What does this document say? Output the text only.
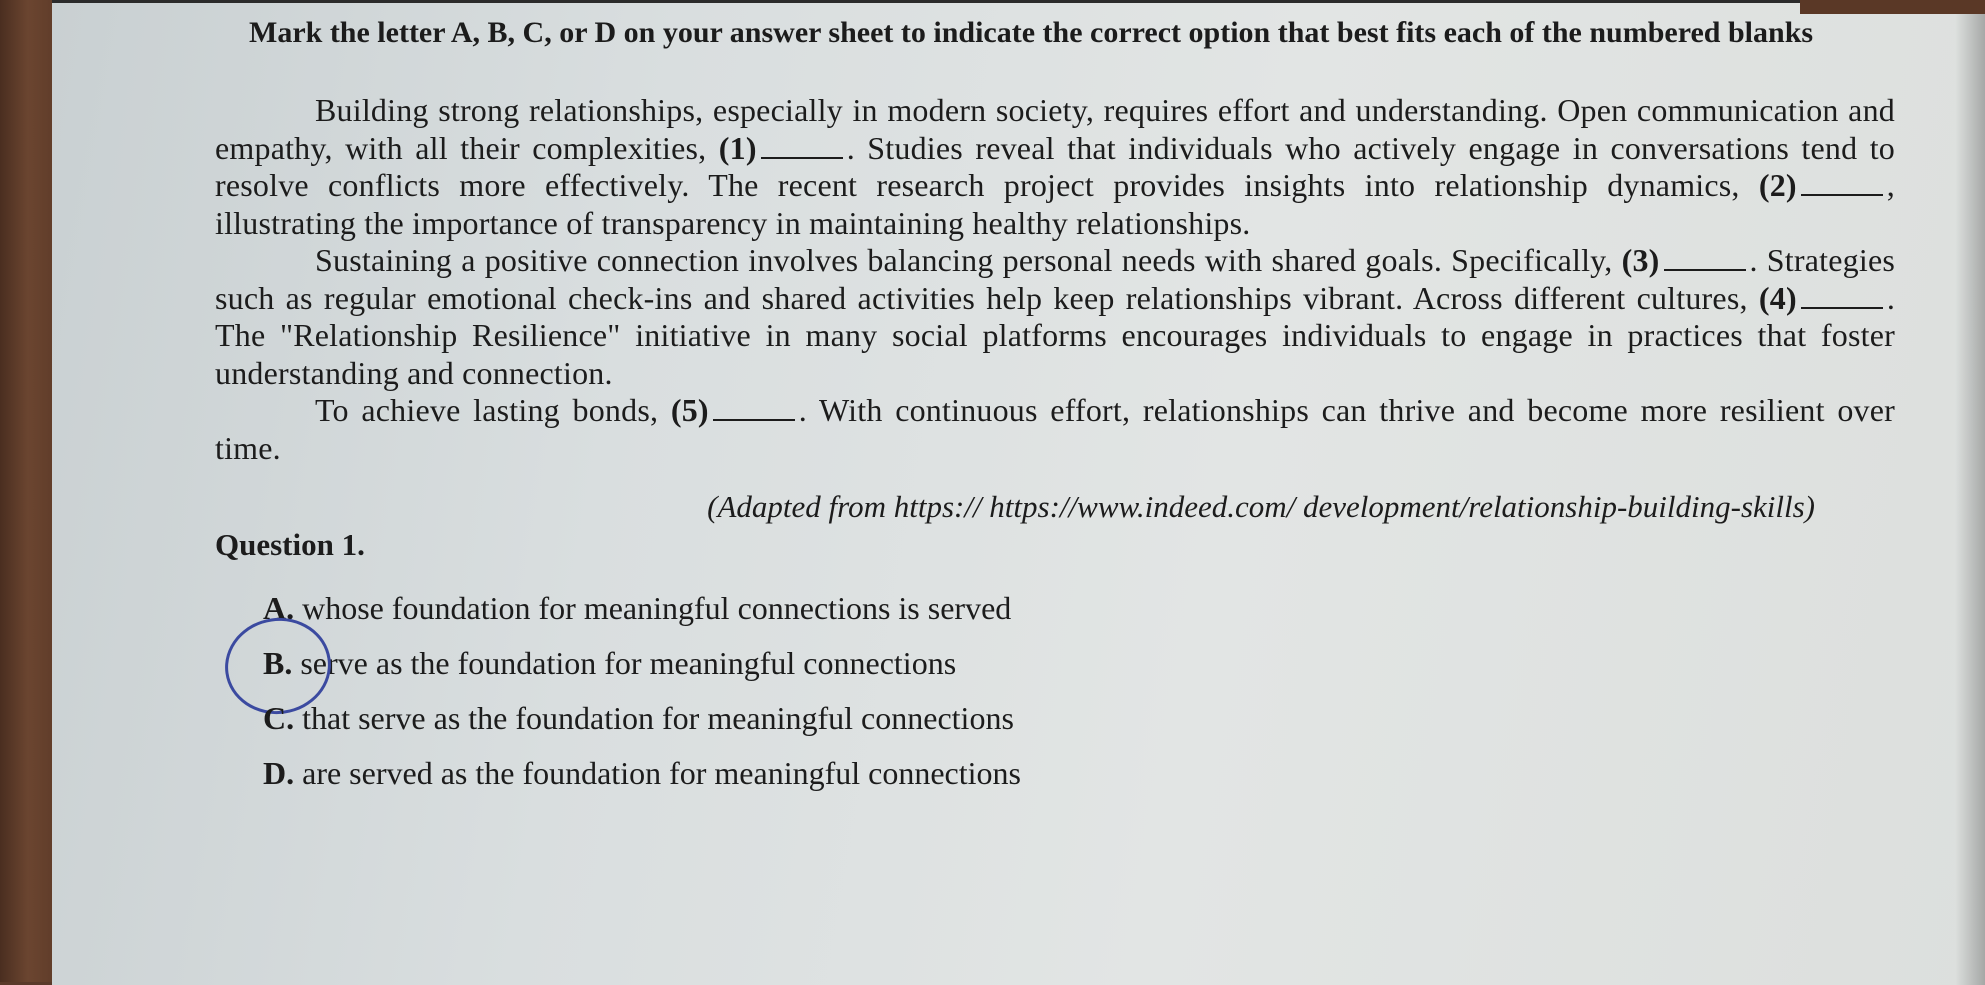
Mark the letter A, B, C, or D on your answer sheet to indicate the correct option that best fits each of the numbered blanks

Building strong relationships, especially in modern society, requires effort and understanding. Open communication and empathy, with all their complexities, (1)	. Studies reveal that individuals who actively engage in conversations tend to resolve conflicts more effectively. The recent research project provides insights into relationship dynamics, (2)	, illustrating the importance of transparency in maintaining healthy relationships.

Sustaining a positive connection involves balancing personal needs with shared goals. Specifically, (3)	. Strategies such as regular emotional check-ins and shared activities help keep relationships vibrant. Across different cultures, (4)	. The "Relationship Resilience" initiative in many social platforms encourages individuals to engage in practices that foster understanding and connection.

To achieve lasting bonds, (5)	. With continuous effort, relationships can thrive and become more resilient over time.

(Adapted from https:// https://www.indeed.com/ development/relationship-building-skills)

Question 1.
A. whose foundation for meaningful connections is served
B. serve as the foundation for meaningful connections
C. that serve as the foundation for meaningful connections
D. are served as the foundation for meaningful connections
